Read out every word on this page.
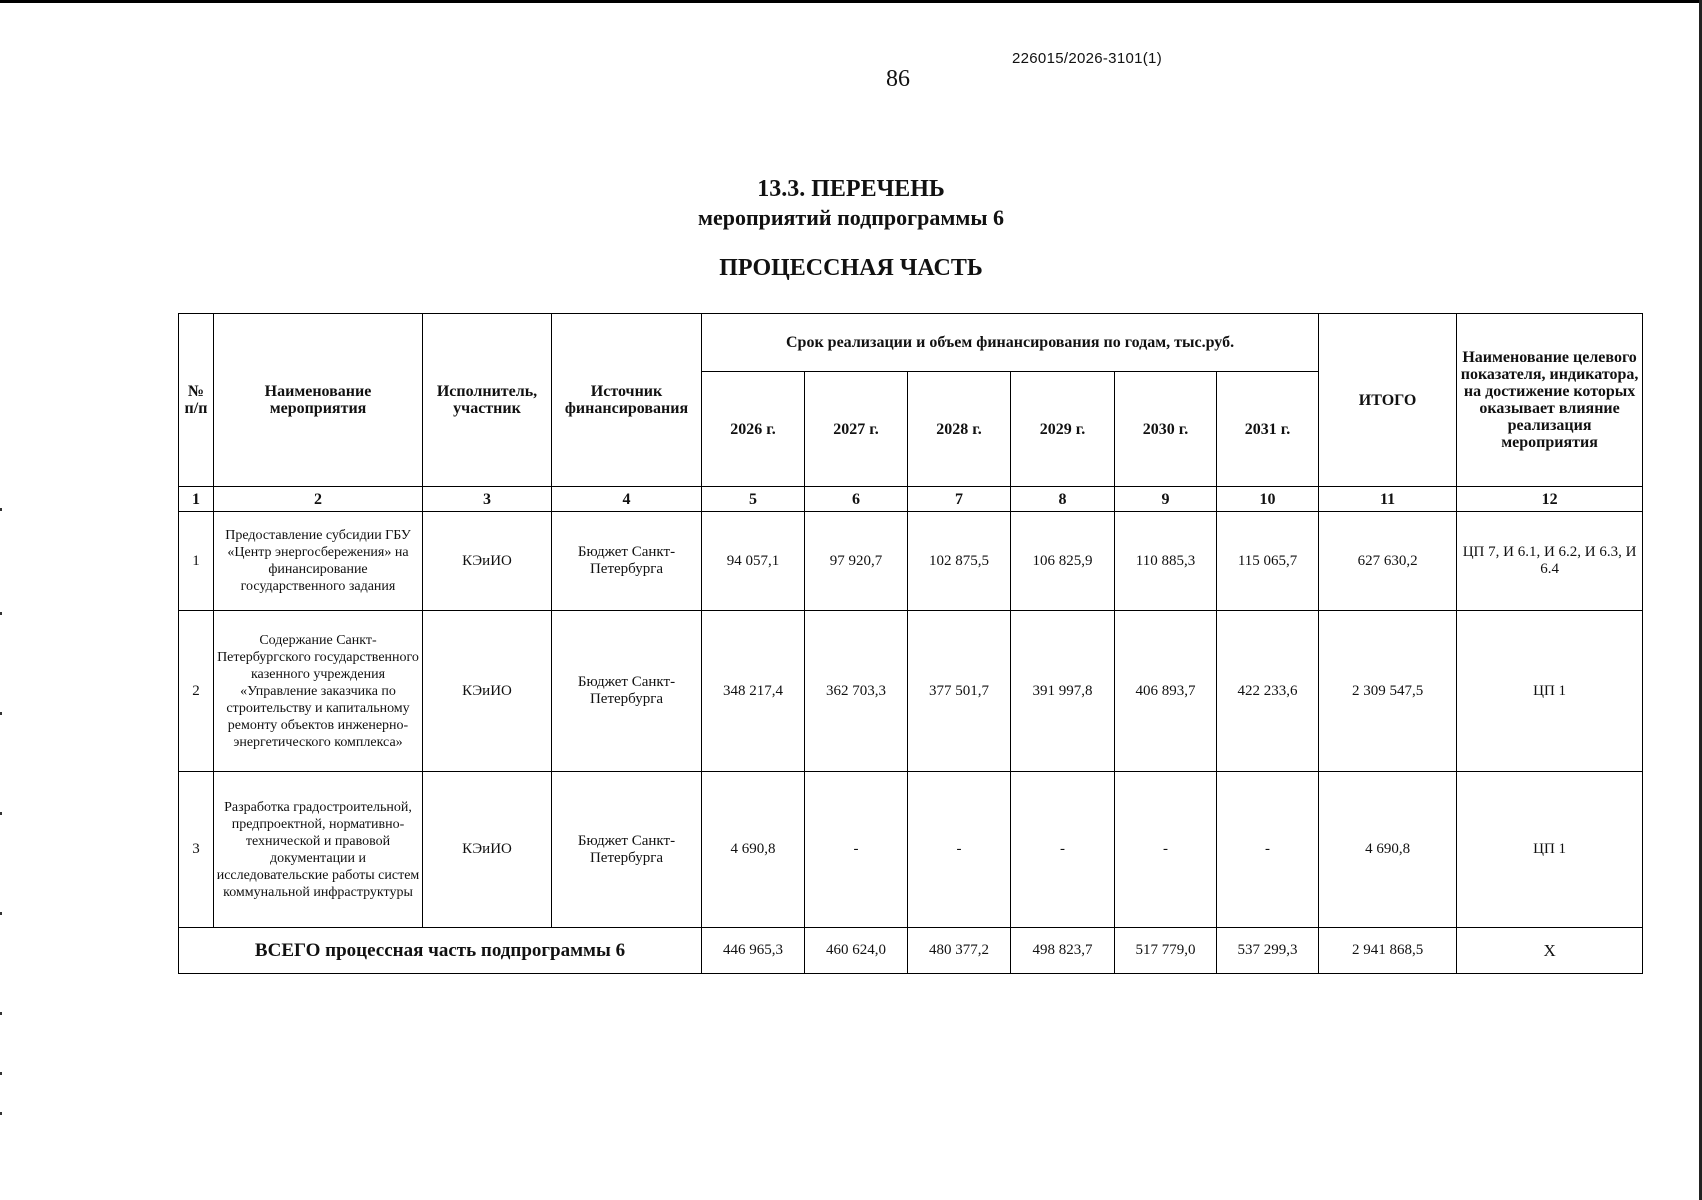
226015/2026-3101(1)
86
13.3. ПЕРЕЧЕНЬ
мероприятий подпрограммы 6
ПРОЦЕССНАЯ ЧАСТЬ
№ п/п	Наименование мероприятия	Исполнитель, участник	Источник финансирования	Срок реализации и объем финансирования по годам, тыс.руб.						ИТОГО	Наименование целевого показателя, индикатора, на достижение которых оказывает влияние реализация мероприятия
				2026 г.	2027 г.	2028 г.	2029 г.	2030 г.	2031 г.		
1	2	3	4	5	6	7	8	9	10	11	12
1	Предоставление субсидии ГБУ «Центр энергосбережения» на финансирование государственного задания	КЭиИО	Бюджет Санкт-Петербурга	94 057,1	97 920,7	102 875,5	106 825,9	110 885,3	115 065,7	627 630,2	ЦП 7, И 6.1, И 6.2, И 6.3, И 6.4
2	Содержание Санкт-Петербургского государственного казенного учреждения «Управление заказчика по строительству и капитальному ремонту объектов инженерно-энергетического комплекса»	КЭиИО	Бюджет Санкт-Петербурга	348 217,4	362 703,3	377 501,7	391 997,8	406 893,7	422 233,6	2 309 547,5	ЦП 1
3	Разработка градостроительной, предпроектной, нормативно-технической и правовой документации и исследовательские работы систем коммунальной инфраструктуры	КЭиИО	Бюджет Санкт-Петербурга	4 690,8	-	-	-	-	-	4 690,8	ЦП 1
ВСЕГО процессная часть подпрограммы 6				446 965,3	460 624,0	480 377,2	498 823,7	517 779,0	537 299,3	2 941 868,5	Х
